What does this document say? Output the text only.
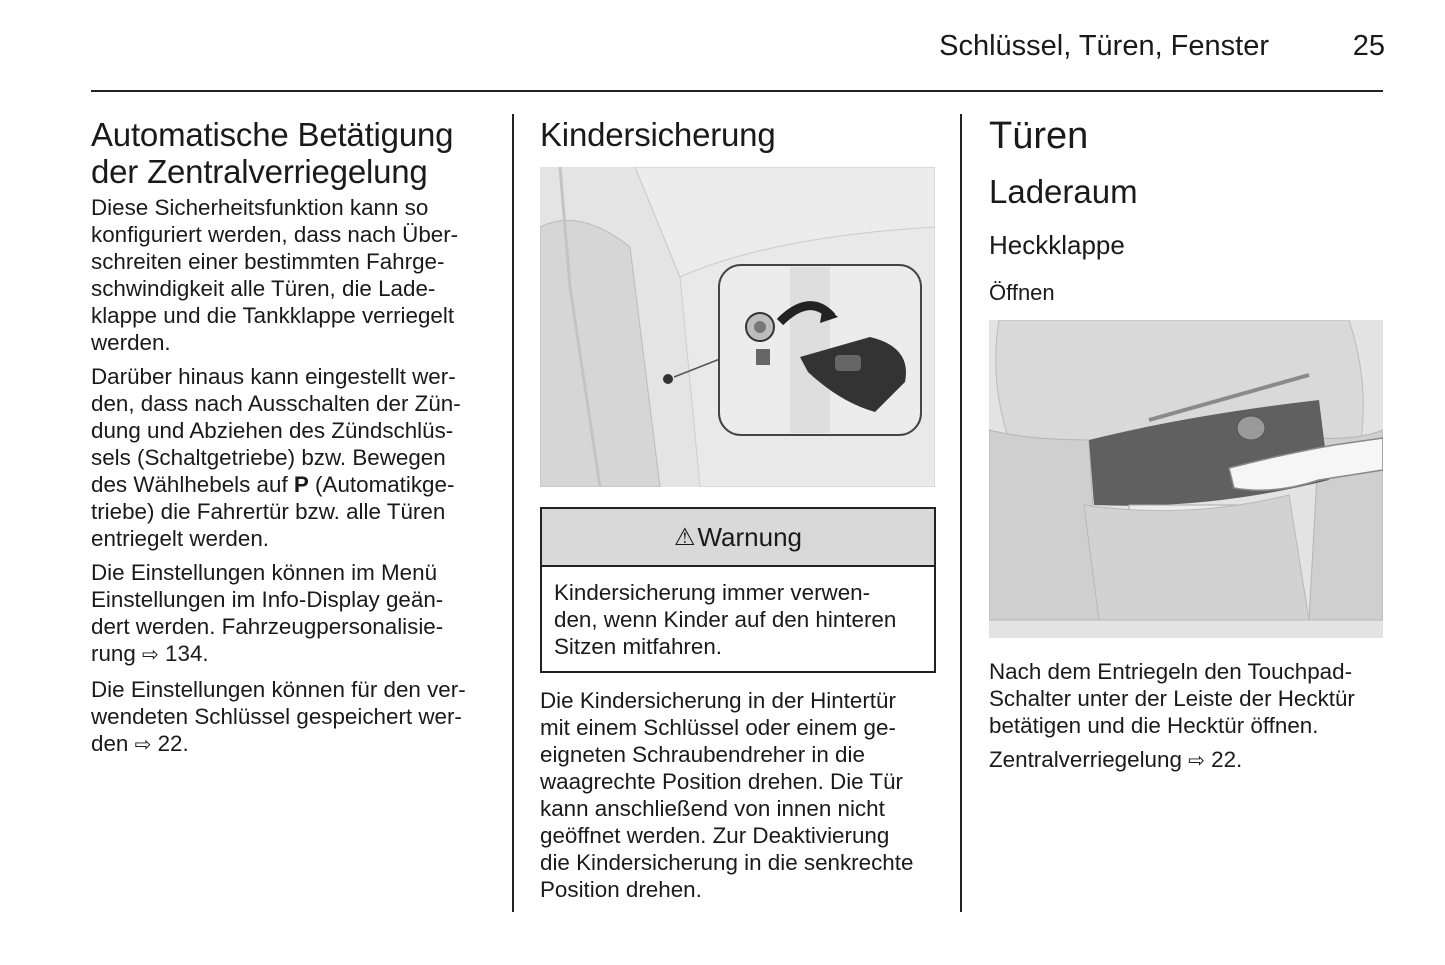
Schlüssel, Türen, Fenster	25
Automatische Betätigung
der Zentralverriegelung

Diese Sicherheitsfunktion kann so
konfiguriert werden, dass nach Über-
schreiten einer bestimmten Fahrge-
schwindigkeit alle Türen, die Lade-
klappe und die Tankklappe verriegelt
werden.

Darüber hinaus kann eingestellt wer-
den, dass nach Ausschalten der Zün-
dung und Abziehen des Zündschlüs-
sels (Schaltgetriebe) bzw. Bewegen
des Wählhebels auf P (Automatikge-
triebe) die Fahrertür bzw. alle Türen
entriegelt werden.

Die Einstellungen können im Menü
Einstellungen im Info-Display geän-
dert werden. Fahrzeugpersonalisie-
rung ⇨ 134.

Die Einstellungen können für den ver-
wendeten Schlüssel gespeichert wer-
den ⇨ 22.

Kindersicherung
⚠ Warnung
Kindersicherung immer verwen-
den, wenn Kinder auf den hinteren
Sitzen mitfahren.

Die Kindersicherung in der Hintertür
mit einem Schlüssel oder einem ge-
eigneten Schraubendreher in die
waagrechte Position drehen. Die Tür
kann anschließend von innen nicht
geöffnet werden. Zur Deaktivierung
die Kindersicherung in die senkrechte
Position drehen.

Türen
Laderaum
Heckklappe
Öffnen

Nach dem Entriegeln den Touchpad-
Schalter unter der Leiste der Hecktür
betätigen und die Hecktür öffnen.

Zentralverriegelung ⇨ 22.
